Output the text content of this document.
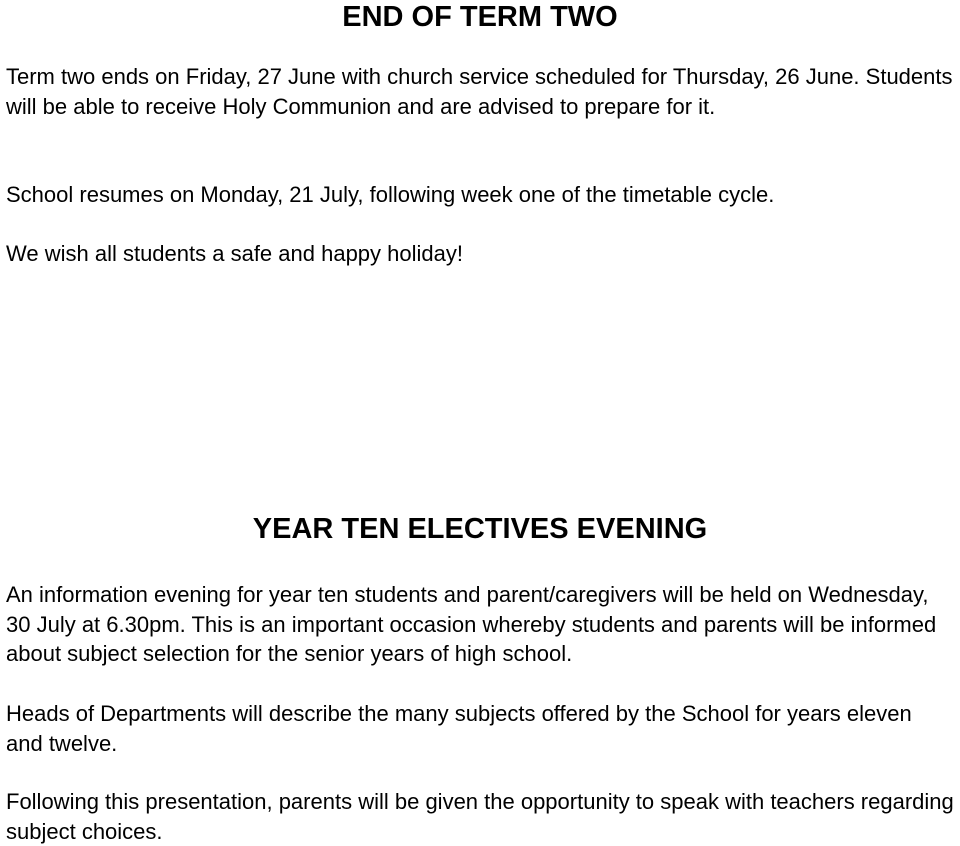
END OF TERM TWO

Term two ends on Friday, 27 June with church service scheduled for Thursday, 26 June. Students will be able to receive Holy Communion and are advised to prepare for it.

School resumes on Monday, 21 July, following week one of the timetable cycle.

We wish all students a safe and happy holiday!

YEAR TEN ELECTIVES EVENING

An information evening for year ten students and parent/caregivers will be held on Wednesday, 30 July at 6.30pm. This is an important occasion whereby students and parents will be informed about subject selection for the senior years of high school.

Heads of Departments will describe the many subjects offered by the School for years eleven and twelve.

Following this presentation, parents will be given the opportunity to speak with teachers regarding subject choices.
